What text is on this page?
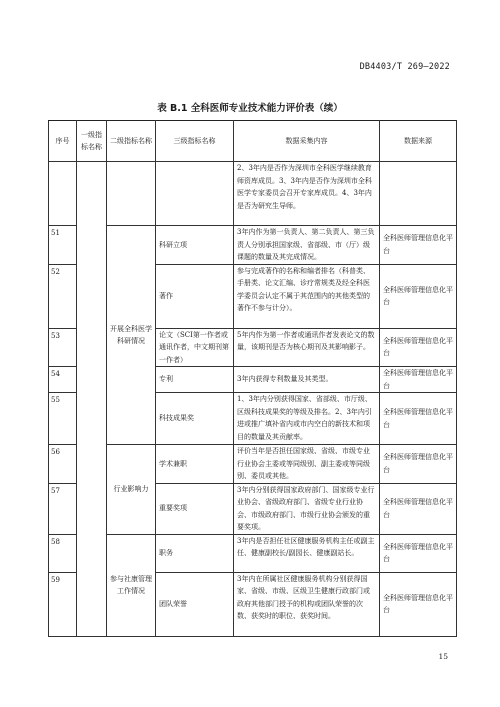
DB4403/T 269—2022
表 B.1 全科医师专业技术能力评价表（续）
序号	一级指标名称	二级指标名称	三级指标名称	数据采集内容	数据来源
				2、3年内是否作为深圳市全科医学继续教育师资库成员。3、3年内是否作为深圳市全科医学专家委员会召开专家库成员。4、3年内是否为研究生导师。	
51		开展全科医学科研情况	科研立项	3年内作为第一负责人、第二负责人、第三负责人分别承担国家级、省部级、市（厅）级课题的数量及其完成情况。	全科医师管理信息化平台
52			著作	参与完成著作的名称和编者排名（科普类、手册类、论文汇编、诊疗常规类及经全科医学委员会认定不属于其范围内的其他类型的著作不参与计分）。	全科医师管理信息化平台
53			论文（SCI第一作者或通讯作者，中文期刊第一作者）	5年内作为第一作者或通讯作者发表论文的数量，该期刊是否为核心期刊及其影响影子。	全科医师管理信息化平台
54			专利	3年内获得专利数量及其类型。	全科医师管理信息化平台
55			科技成果奖	1、3年内分别获得国家、省部级、市厅级、区级科技成果奖的等级及排名。2、3年内引进或推广填补省内或市内空白的新技术和项目的数量及其贡献率。	全科医师管理信息化平台
56		行业影响力	学术兼职	评价当年是否担任国家级、省级、市级专业行业协会主委或等同级别、副主委或等同级别、委员或其他。	全科医师管理信息化平台
57			重要奖项	3年内分别获得国家政府部门、国家级专业行业协会、省级政府部门、省级专业行业协会、市级政府部门、市级行业协会颁发的重要奖项。	全科医师管理信息化平台
58		参与社康管理工作情况	职务	3年内是否担任社区健康服务机构主任或副主任、健康副校长/副园长、健康副站长。	全科医师管理信息化平台
59			团队荣誉	3年内在所属社区健康服务机构分别获得国家、省级、市级、区级卫生健康行政部门或政府其他部门授予的机构或团队荣誉的次数、获奖时的职位、获奖时间。	全科医师管理信息化平台
15
